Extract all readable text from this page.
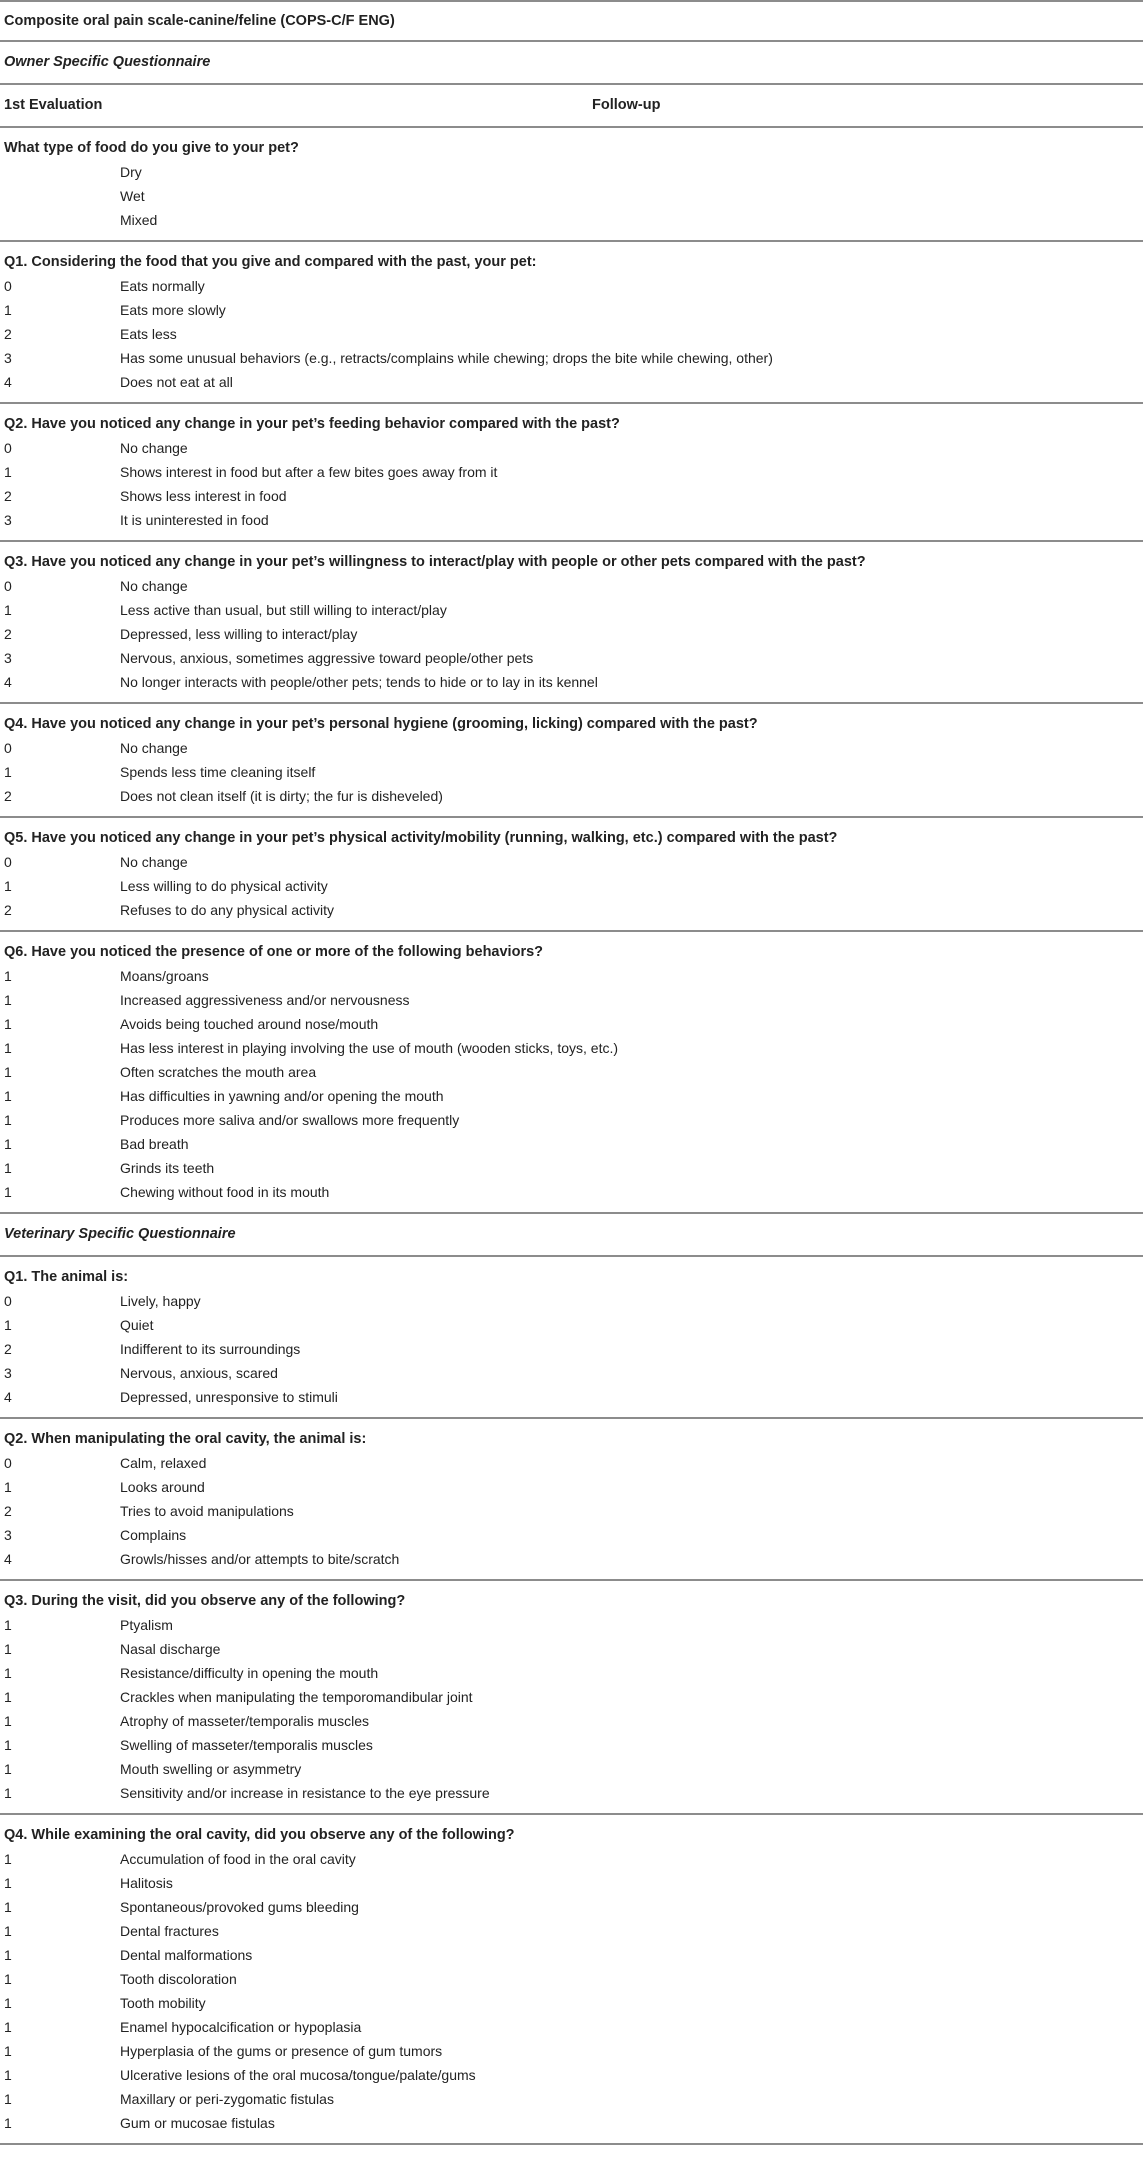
Composite oral pain scale-canine/feline (COPS-C/F ENG)
Owner Specific Questionnaire
1st Evaluation	Follow-up
What type of food do you give to your pet?
Dry
Wet
Mixed
Q1. Considering the food that you give and compared with the past, your pet:
0	Eats normally
1	Eats more slowly
2	Eats less
3	Has some unusual behaviors (e.g., retracts/complains while chewing; drops the bite while chewing, other)
4	Does not eat at all
Q2. Have you noticed any change in your pet’s feeding behavior compared with the past?
0	No change
1	Shows interest in food but after a few bites goes away from it
2	Shows less interest in food
3	It is uninterested in food
Q3. Have you noticed any change in your pet’s willingness to interact/play with people or other pets compared with the past?
0	No change
1	Less active than usual, but still willing to interact/play
2	Depressed, less willing to interact/play
3	Nervous, anxious, sometimes aggressive toward people/other pets
4	No longer interacts with people/other pets; tends to hide or to lay in its kennel
Q4. Have you noticed any change in your pet’s personal hygiene (grooming, licking) compared with the past?
0	No change
1	Spends less time cleaning itself
2	Does not clean itself (it is dirty; the fur is disheveled)
Q5. Have you noticed any change in your pet’s physical activity/mobility (running, walking, etc.) compared with the past?
0	No change
1	Less willing to do physical activity
2	Refuses to do any physical activity
Q6. Have you noticed the presence of one or more of the following behaviors?
1	Moans/groans
1	Increased aggressiveness and/or nervousness
1	Avoids being touched around nose/mouth
1	Has less interest in playing involving the use of mouth (wooden sticks, toys, etc.)
1	Often scratches the mouth area
1	Has difficulties in yawning and/or opening the mouth
1	Produces more saliva and/or swallows more frequently
1	Bad breath
1	Grinds its teeth
1	Chewing without food in its mouth
Veterinary Specific Questionnaire
Q1. The animal is:
0	Lively, happy
1	Quiet
2	Indifferent to its surroundings
3	Nervous, anxious, scared
4	Depressed, unresponsive to stimuli
Q2. When manipulating the oral cavity, the animal is:
0	Calm, relaxed
1	Looks around
2	Tries to avoid manipulations
3	Complains
4	Growls/hisses and/or attempts to bite/scratch
Q3. During the visit, did you observe any of the following?
1	Ptyalism
1	Nasal discharge
1	Resistance/difficulty in opening the mouth
1	Crackles when manipulating the temporomandibular joint
1	Atrophy of masseter/temporalis muscles
1	Swelling of masseter/temporalis muscles
1	Mouth swelling or asymmetry
1	Sensitivity and/or increase in resistance to the eye pressure
Q4. While examining the oral cavity, did you observe any of the following?
1	Accumulation of food in the oral cavity
1	Halitosis
1	Spontaneous/provoked gums bleeding
1	Dental fractures
1	Dental malformations
1	Tooth discoloration
1	Tooth mobility
1	Enamel hypocalcification or hypoplasia
1	Hyperplasia of the gums or presence of gum tumors
1	Ulcerative lesions of the oral mucosa/tongue/palate/gums
1	Maxillary or peri-zygomatic fistulas
1	Gum or mucosae fistulas
